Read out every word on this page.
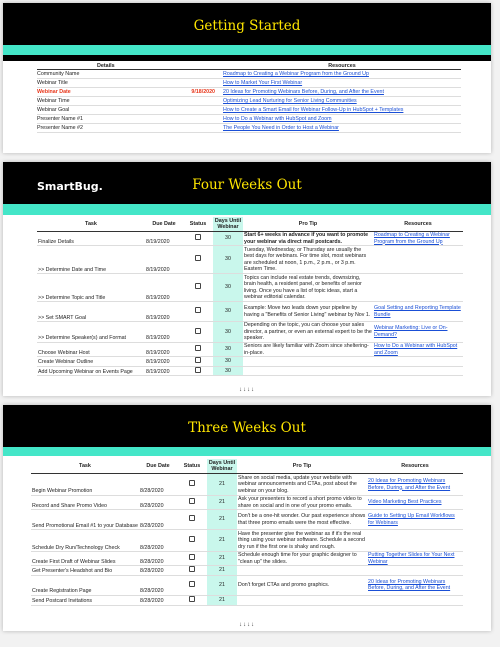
Getting Started
Details		Resources
Community Name		Roadmap to Creating a Webinar Program from the Ground Up
Webinar Title		How to Market Your First Webinar
Webinar Date	9/18/2020	20 Ideas for Promoting Webinars Before, During, and After the Event
Webinar Time		Optimizing Lead Nurturing for Senior Living Communities
Webinar Goal		How to Create a Smart Email for Webinar Follow-Up in HubSpot + Templates
Presenter Name #1		How to Do a Webinar with HubSpot and Zoom
Presenter Name #2		The People You Need in Order to Host a Webinar
SmartBug.	Four Weeks Out
Task	Due Date	Status	Days Until Webinar	Pro Tip	Resources
Finalize Details	8/19/2020		30	Start 6+ weeks in advance if you want to promote your webinar via direct mail postcards.	Roadmap to Creating a Webinar Program from the Ground Up
>> Determine Date and Time	8/19/2020		30	Tuesday, Wednesday, or Thursday are usually the best days for webinars. For time slot, most webinars are scheduled at noon, 1 p.m., 2 p.m., or 3 p.m. Eastern Time.	
>> Determine Topic and Title	8/19/2020		30	Topics can include real estate trends, downsizing, brain health, a resident panel, or benefits of senior living. Once you have a list of topic ideas, start a webinar editorial calendar.	
>> Set SMART Goal	8/19/2020		30	Example: Move two leads down your pipeline by having a "Benefits of Senior Living" webinar by Nov 1.	Goal Setting and Reporting Template Bundle
>> Determine Speaker(s) and Format	8/19/2020		30	Depending on the topic, you can choose your sales director, a partner, or even an external expert to be the speaker.	Webinar Marketing: Live or On-Demand?
Choose Webinar Host	8/19/2020		30	Seniors are likely familiar with Zoom since sheltering-in-place.	How to Do a Webinar with HubSpot and Zoom
Create Webinar Outline	8/19/2020		30		
Add Upcoming Webinar on Events Page	8/19/2020		30		
↓↓↓↓
Three Weeks Out
Task	Due Date	Status	Days Until Webinar	Pro Tip	Resources
Begin Webinar Promotion	8/28/2020		21	Share on social media, update your website with webinar announcements and CTAs, post about the webinar on your blog.	20 Ideas for Promoting Webinars Before, During, and After the Event
Record and Share Promo Video	8/28/2020		21	Ask your presenters to record a short promo video to share on social and in one of your promo emails.	Video Marketing Best Practices
Send Promotional Email #1 to your Database	8/28/2020		21	Don't be a one-hit wonder. Our past experience shows that three promo emails were the most effective.	Guide to Setting Up Email Workflows for Webinars
Schedule Dry Run/Technology Check	8/28/2020		21	Have the presenter give the webinar as if it's the real thing using your webinar software. Schedule a second dry run if the first one is shaky and rough.	
Create First Draft of Webinar Slides	8/28/2020		21	Schedule enough time for your graphic designer to "clean up" the slides.	Putting Together Slides for Your Next Webinar
Get Presenter's Headshot and Bio	8/28/2020		21		
Create Registration Page	8/28/2020		21	Don't forget CTAs and promo graphics.	20 Ideas for Promoting Webinars Before, During, and After the Event
Send Postcard Invitations	8/28/2020		21		
↓↓↓↓
